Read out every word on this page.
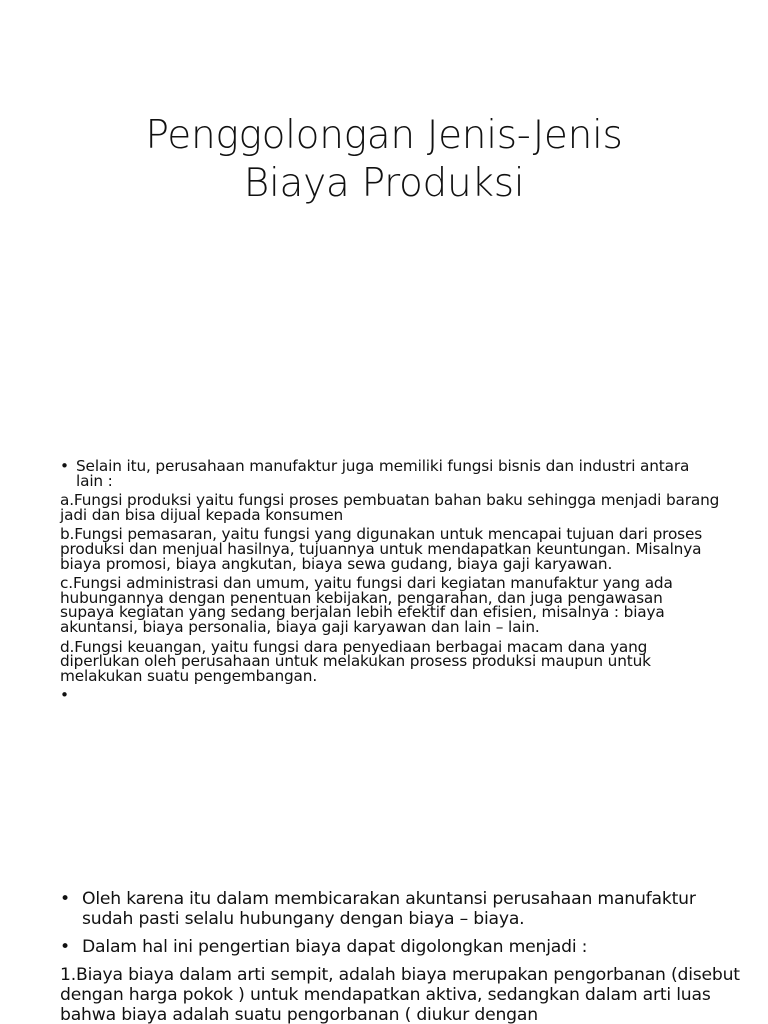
Penggolongan Jenis-Jenis
Biaya Produksi
• Selain itu, perusahaan manufaktur juga memiliki fungsi bisnis dan industri antara lain :

a.Fungsi produksi yaitu fungsi proses pembuatan bahan baku sehingga menjadi barang jadi dan bisa dijual kepada konsumen

b.Fungsi pemasaran, yaitu fungsi yang digunakan untuk mencapai tujuan dari proses produksi dan menjual hasilnya, tujuannya untuk mendapatkan keuntungan. Misalnya biaya promosi, biaya angkutan, biaya sewa gudang, biaya gaji karyawan.

c.Fungsi administrasi dan umum, yaitu fungsi dari kegiatan manufaktur yang ada hubungannya dengan penentuan kebijakan, pengarahan, dan juga pengawasan supaya kegiatan yang sedang berjalan lebih efektif dan efisien, misalnya : biaya akuntansi, biaya personalia, biaya gaji karyawan dan lain – lain.

d.Fungsi keuangan, yaitu fungsi dara penyediaan berbagai macam dana yang diperlukan oleh perusahaan untuk melakukan prosess produksi maupun untuk melakukan suatu pengembangan.

•
• Oleh karena itu dalam membicarakan akuntansi perusahaan manufaktur sudah pasti selalu hubungany dengan biaya – biaya.
• Dalam hal ini pengertian biaya dapat digolongkan menjadi :

1.Biaya biaya dalam arti sempit, adalah biaya merupakan pengorbanan (disebut dengan harga pokok ) untuk mendapatkan aktiva, sedangkan dalam arti luas bahwa biaya adalah suatu pengorbanan ( diukur dengan
